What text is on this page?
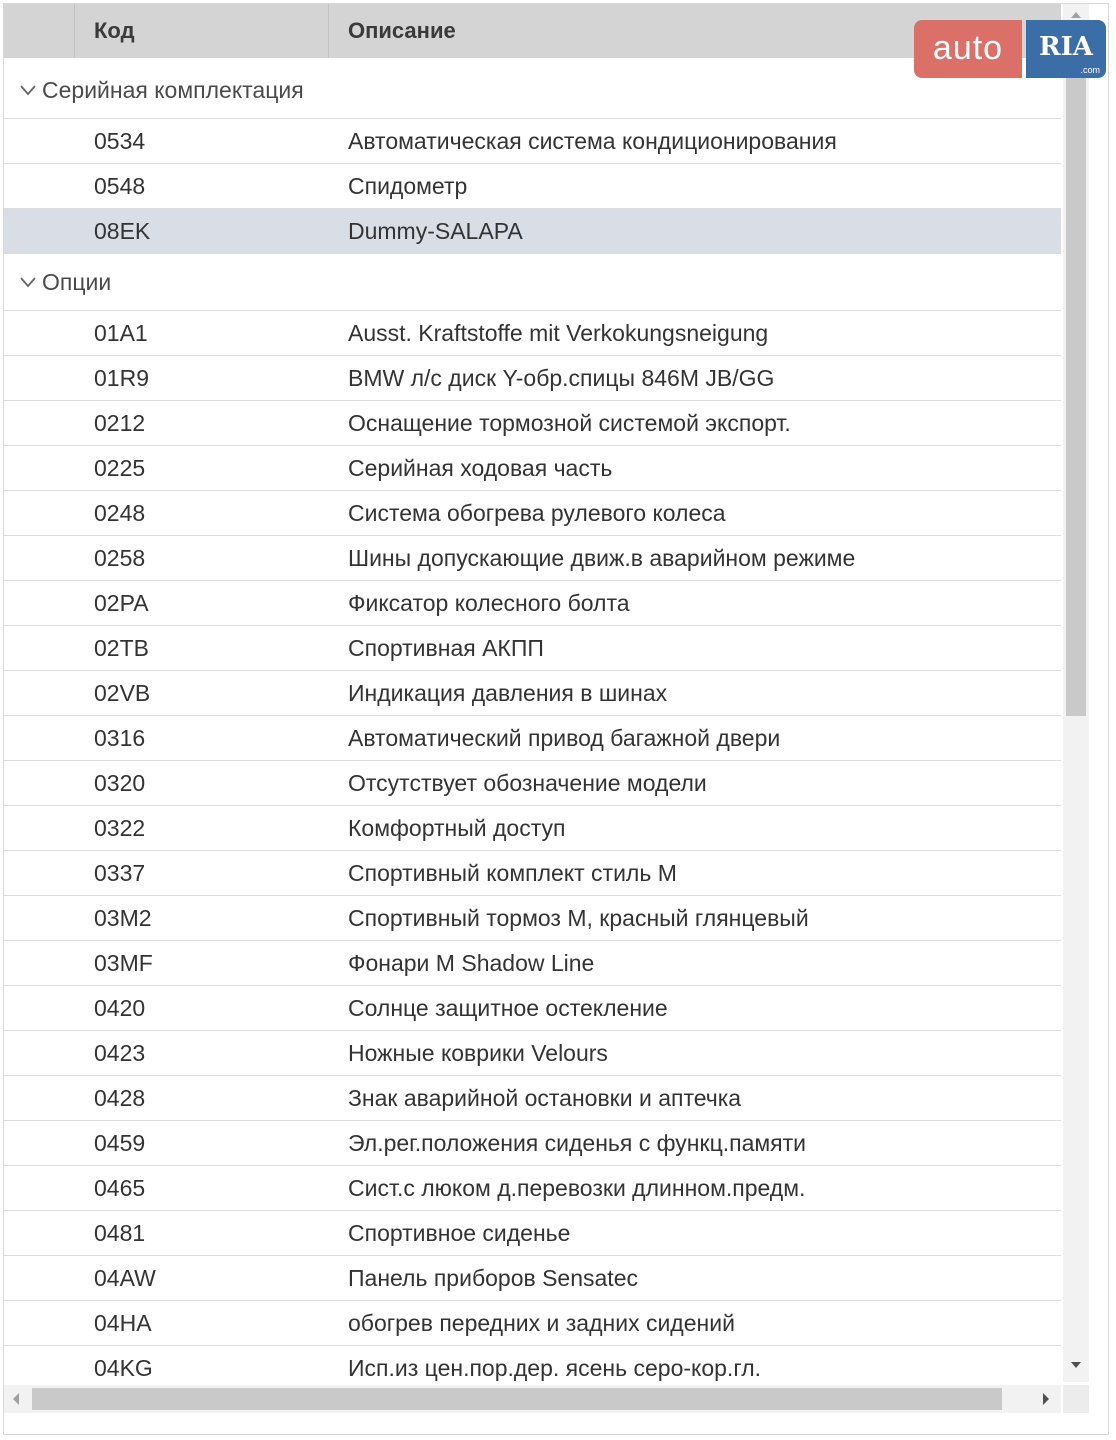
Код	Описание
Серийная комплектация
0534	Автоматическая система кондиционирования
0548	Спидометр
08EK	Dummy-SALAPA
Опции
01A1	Ausst. Kraftstoffe mit Verkokungsneigung
01R9	BMW л/с диск Y-обр.спицы 846M JB/GG
0212	Оснащение тормозной системой экспорт.
0225	Серийная ходовая часть
0248	Система обогрева рулевого колеса
0258	Шины допускающие движ.в аварийном режиме
02PA	Фиксатор колесного болта
02TB	Спортивная АКПП
02VB	Индикация давления в шинах
0316	Автоматический привод багажной двери
0320	Отсутствует обозначение модели
0322	Комфортный доступ
0337	Спортивный комплект стиль М
03M2	Спортивный тормоз М, красный глянцевый
03MF	Фонари M Shadow Line
0420	Солнце защитное остекление
0423	Ножные коврики Velours
0428	Знак аварийной остановки и аптечка
0459	Эл.рег.положения сиденья с функц.памяти
0465	Сист.с люком д.перевозки длинном.предм.
0481	Спортивное сиденье
04AW	Панель приборов Sensatec
04HA	обогрев передних и задних сидений
04KG	Исп.из цен.пор.дер. ясень серо-кор.гл.
auto	RIA
.com
